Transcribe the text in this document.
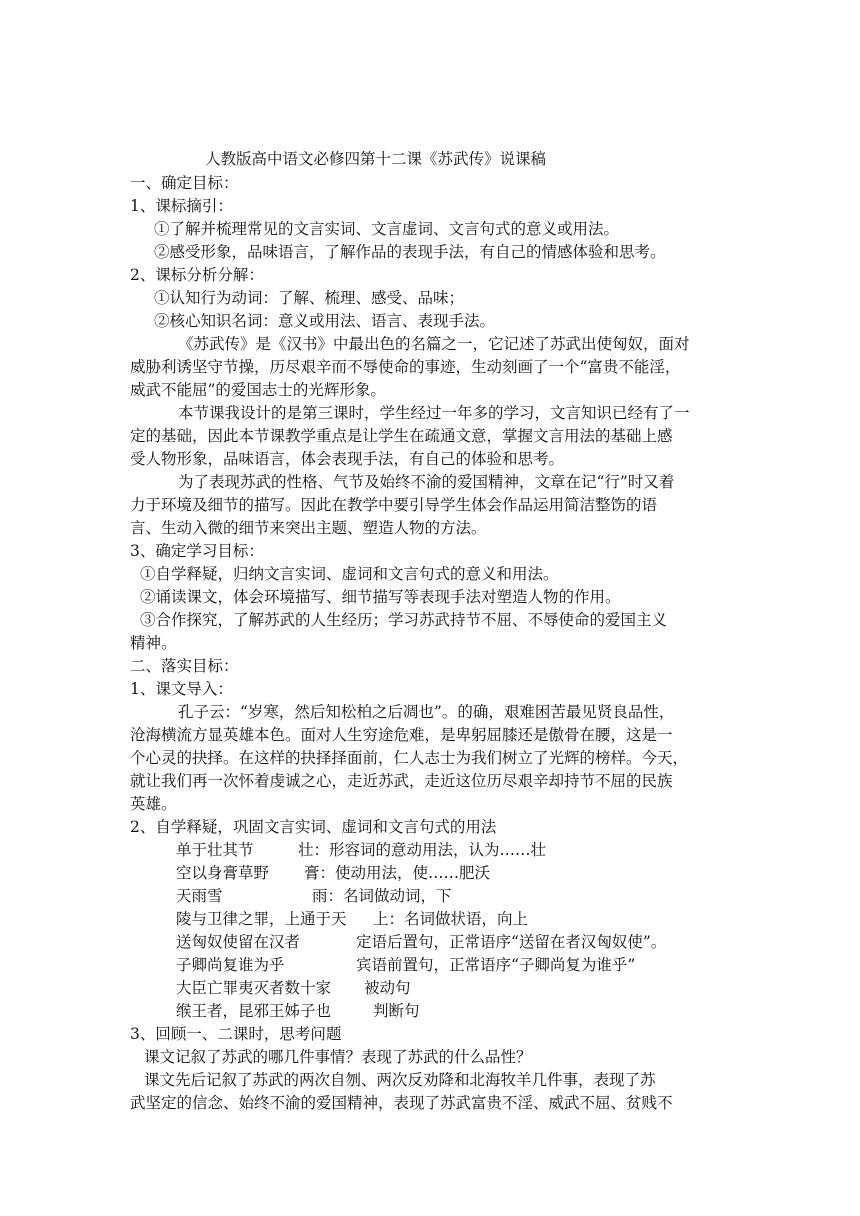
人教版高中语文必修四第十二课《苏武传》说课稿
一、确定目标：
1、课标摘引：
①了解并梳理常见的文言实词、文言虚词、文言句式的意义或用法。
②感受形象，品味语言，了解作品的表现手法，有自己的情感体验和思考。
2、课标分析分解：
①认知行为动词：了解、梳理、感受、品味；
②核心知识名词：意义或用法、语言、表现手法。
《苏武传》是《汉书》中最出色的名篇之一，它记述了苏武出使匈奴，面对
威胁利诱坚守节操，历尽艰辛而不辱使命的事迹，生动刻画了一个“富贵不能淫，
威武不能屈”的爱国志士的光辉形象。
本节课我设计的是第三课时，学生经过一年多的学习，文言知识已经有了一
定的基础，因此本节课教学重点是让学生在疏通文意，掌握文言用法的基础上感
受人物形象，品味语言，体会表现手法，有自己的体验和思考。
为了表现苏武的性格、气节及始终不渝的爱国精神，文章在记“行”时又着
力于环境及细节的描写。因此在教学中要引导学生体会作品运用简洁整饬的语
言、生动入微的细节来突出主题、塑造人物的方法。
3、确定学习目标：
①自学释疑，归纳文言实词、虚词和文言句式的意义和用法。
②诵读课文，体会环境描写、细节描写等表现手法对塑造人物的作用。
③合作探究，了解苏武的人生经历；学习苏武持节不屈、不辱使命的爱国主义
精神。
二、落实目标：
1、课文导入：
孔子云：“岁寒，然后知松柏之后凋也”。的确，艰难困苦最见贤良品性，
沧海横流方显英雄本色。面对人生穷途危难，是卑躬屈膝还是傲骨在腰，这是一
个心灵的抉择。在这样的抉择择面前，仁人志士为我们树立了光辉的榜样。今天，
就让我们再一次怀着虔诚之心，走近苏武，走近这位历尽艰辛却持节不屈的民族
英雄。
2、自学释疑，巩固文言实词、虚词和文言句式的用法
单于壮其节	壮：形容词的意动用法，认为……壮
空以身膏草野 膏：使动用法，使……肥沃
天雨雪	雨：名词做动词，下
陵与卫律之罪，上通于天 上：名词做状语，向上
送匈奴使留在汉者	定语后置句，正常语序“送留在者汉匈奴使”。
子卿尚复谁为乎	宾语前置句，正常语序“子卿尚复为谁乎”
大臣亡罪夷灭者数十家 被动句
缑王者，昆邪王姊子也	判断句
3、回顾一、二课时，思考问题
课文记叙了苏武的哪几件事情？表现了苏武的什么品性？
课文先后记叙了苏武的两次自刎、两次反劝降和北海牧羊几件事，表现了苏
武坚定的信念、始终不渝的爱国精神，表现了苏武富贵不淫、威武不屈、贫贱不
